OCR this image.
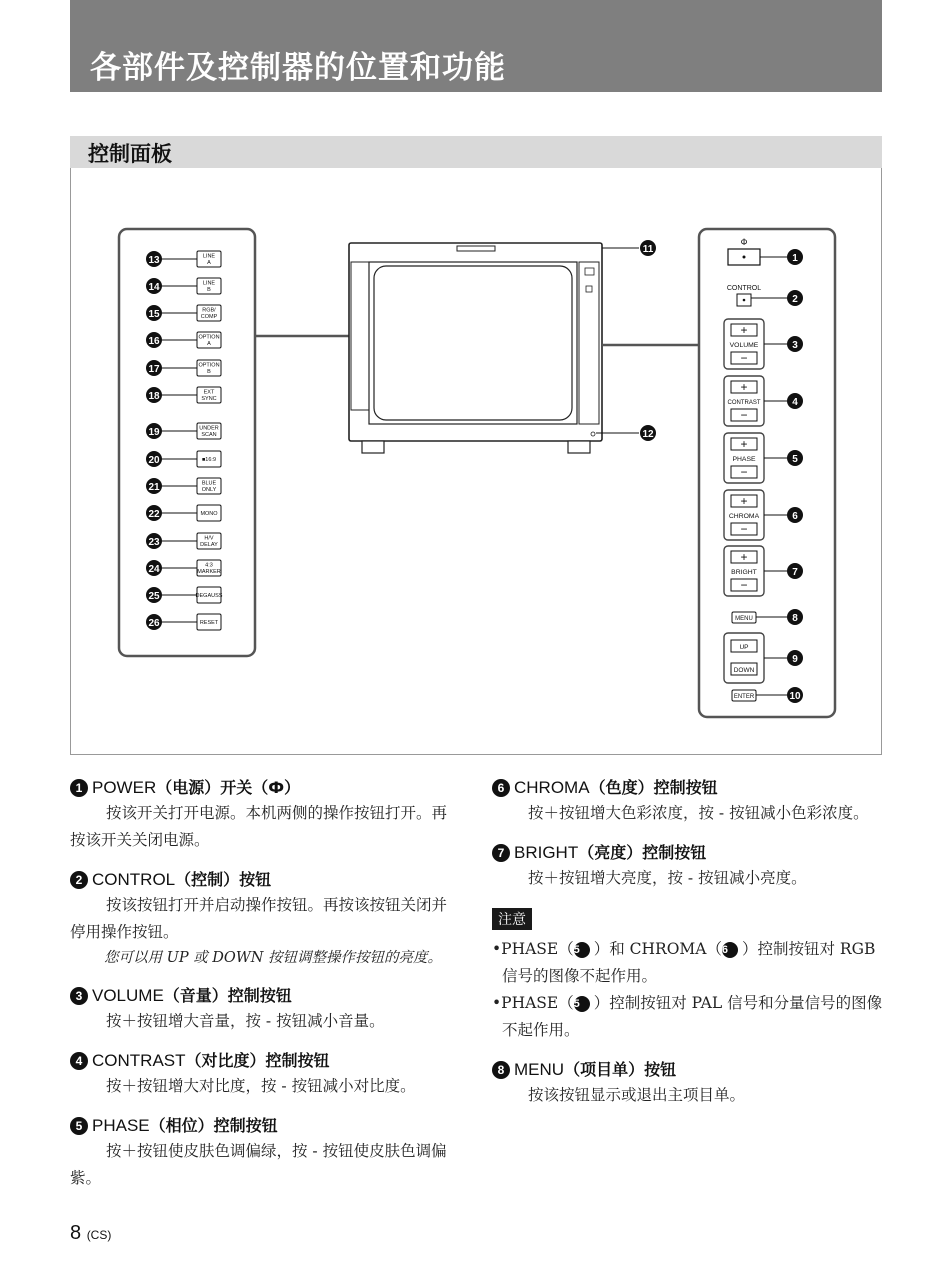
各部件及控制器的位置和功能
控制面板
13	LINE
A
14	LINE
B
15	RGB/
COMP
16	OPTION
A
17	OPTION
B
18	EXT
SYNC
19	UNDER
SCAN
20	■16:9
21	BLUE
ONLY
22	MONO
23	H/V
DELAY
24	4:3
MARKER
25	DEGAUSS
26	RESET
11
12
Ф
1
CONTROL
2
+
VOLUME
−
3
+
CONTRAST
−
4
+
PHASE
−
5
+
CHROMA
−
6
+
BRIGHT
−
7
MENU	8
UP
DOWN
9
ENTER	10
1 POWER（电源）开关（Ф）
按该开关打开电源。本机两侧的操作按钮打开。再按该开关关闭电源。
2 CONTROL（控制）按钮
按该按钮打开并启动操作按钮。再按该按钮关闭并停用操作按钮。
您可以用 UP 或 DOWN 按钮调整操作按钮的亮度。
3 VOLUME（音量）控制按钮
按＋按钮增大音量，按 - 按钮减小音量。
4 CONTRAST（对比度）控制按钮
按＋按钮增大对比度，按 - 按钮减小对比度。
5 PHASE（相位）控制按钮
按＋按钮使皮肤色调偏绿，按 - 按钮使皮肤色调偏紫。
6 CHROMA（色度）控制按钮
按＋按钮增大色彩浓度，按 - 按钮减小色彩浓度。
7 BRIGHT（亮度）控制按钮
按＋按钮增大亮度，按 - 按钮减小亮度。
注意
•PHASE（5 ）和 CHROMA（6 ）控制按钮对 RGB 信号的图像不起作用。
•PHASE（5 ）控制按钮对 PAL 信号和分量信号的图像不起作用。
8 MENU（项目单）按钮
按该按钮显示或退出主项目单。
8 (CS)
